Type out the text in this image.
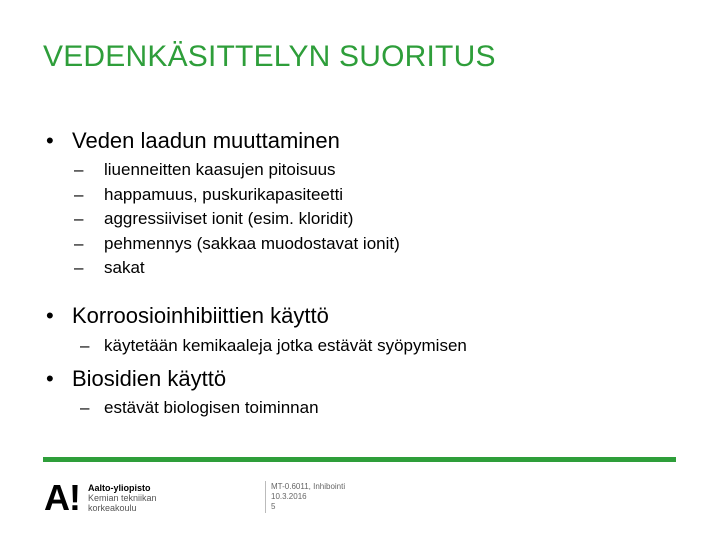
VEDENKÄSITTELYN SUORITUS
• Veden laadun muuttaminen
–	liuenneitten kaasujen pitoisuus
–	happamuus, puskurikapasiteetti
–	aggressiiviset ionit (esim. kloridit)
–	pehmennys (sakkaa muodostavat ionit)
–	sakat
• Korroosioinhibiittien käyttö
– käytetään kemikaaleja jotka estävät syöpymisen
• Biosidien käyttö
– estävät biologisen toiminnan
A! Aalto-yliopisto
Kemian tekniikan
korkeakoulu
MT-0.6011, Inhibointi
10.3.2016
5
